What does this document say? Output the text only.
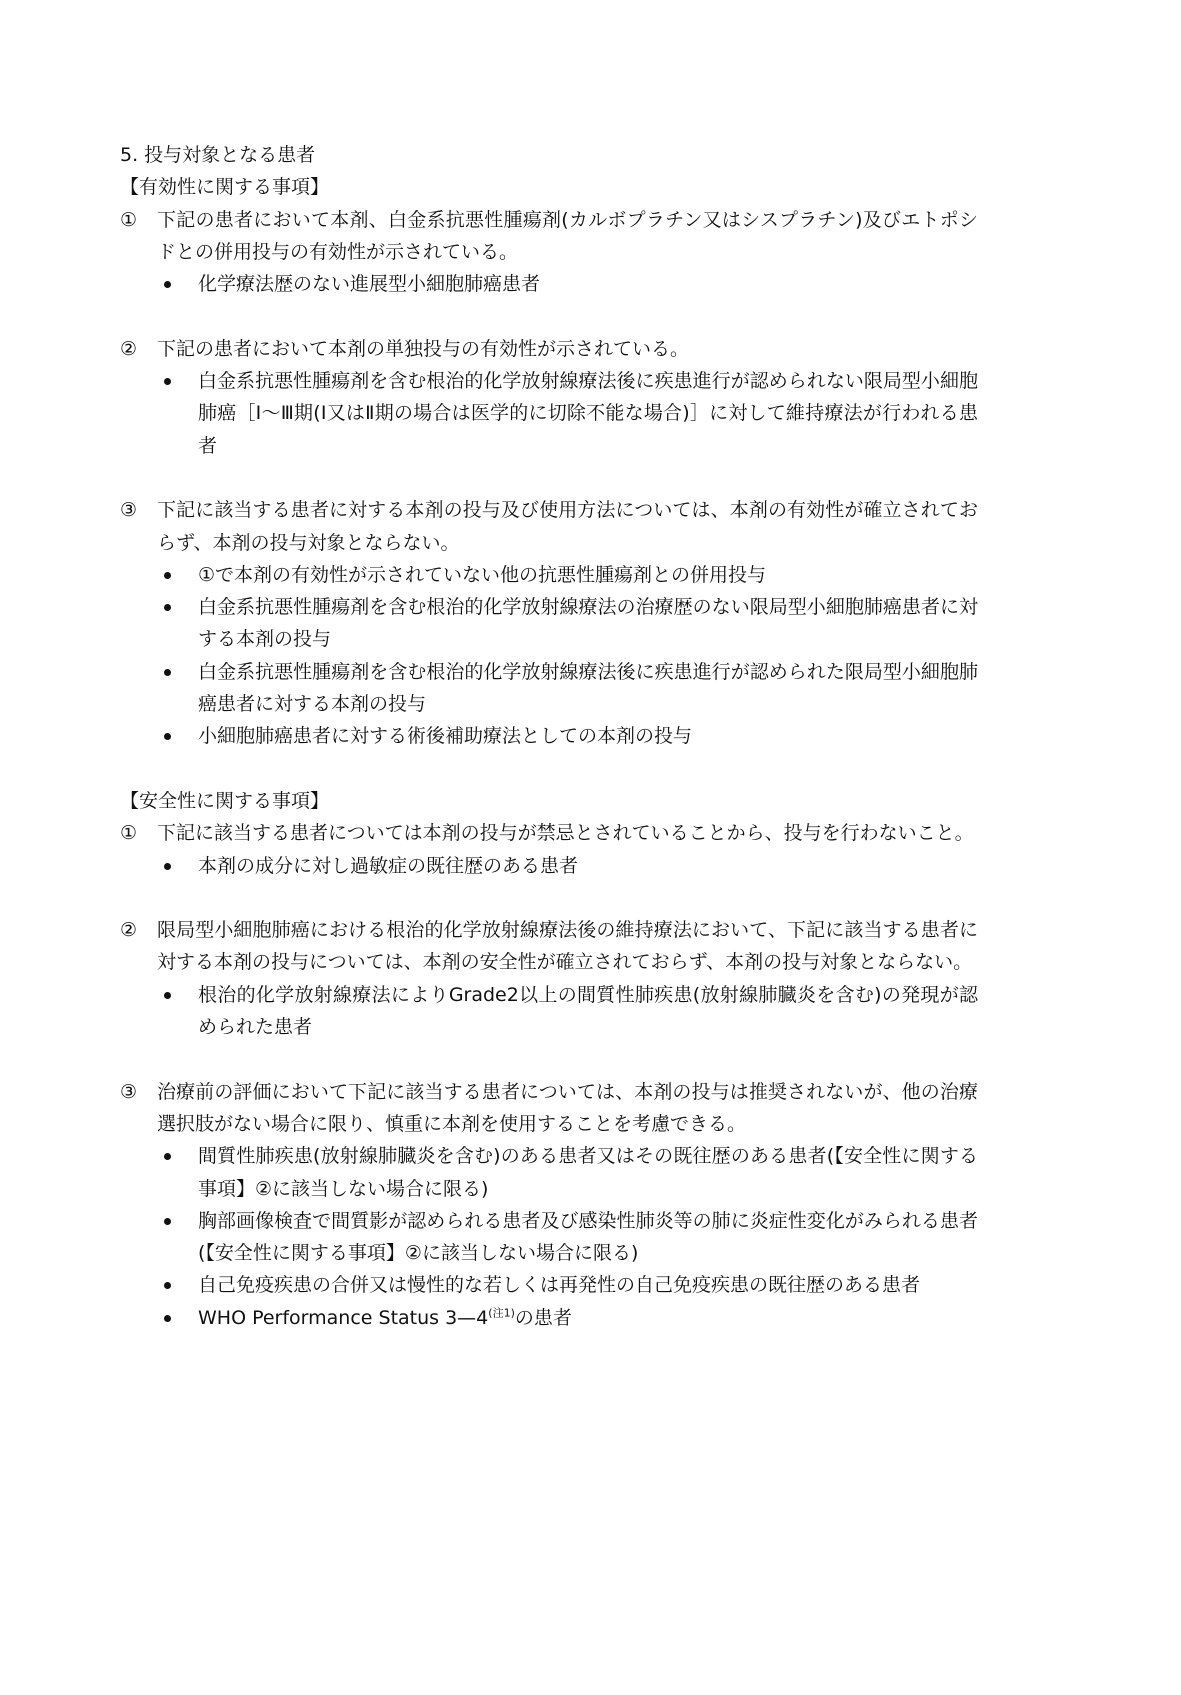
5. 投与対象となる患者
【有効性に関する事項】
① 下記の患者において本剤、白金系抗悪性腫瘍剤(カルボプラチン又はシスプラチン)及びエトポシドとの併用投与の有効性が示されている。
化学療法歴のない進展型小細胞肺癌患者
② 下記の患者において本剤の単独投与の有効性が示されている。
白金系抗悪性腫瘍剤を含む根治的化学放射線療法後に疾患進行が認められない限局型小細胞肺癌［Ⅰ～Ⅲ期(Ⅰ又はⅡ期の場合は医学的に切除不能な場合)］に対して維持療法が行われる患者
③ 下記に該当する患者に対する本剤の投与及び使用方法については、本剤の有効性が確立されておらず、本剤の投与対象とならない。
①で本剤の有効性が示されていない他の抗悪性腫瘍剤との併用投与
白金系抗悪性腫瘍剤を含む根治的化学放射線療法の治療歴のない限局型小細胞肺癌患者に対する本剤の投与
白金系抗悪性腫瘍剤を含む根治的化学放射線療法後に疾患進行が認められた限局型小細胞肺癌患者に対する本剤の投与
小細胞肺癌患者に対する術後補助療法としての本剤の投与
【安全性に関する事項】
① 下記に該当する患者については本剤の投与が禁忌とされていることから、投与を行わないこと。
本剤の成分に対し過敏症の既往歴のある患者
② 限局型小細胞肺癌における根治的化学放射線療法後の維持療法において、下記に該当する患者に対する本剤の投与については、本剤の安全性が確立されておらず、本剤の投与対象とならない。
根治的化学放射線療法によりGrade2以上の間質性肺疾患(放射線肺臓炎を含む)の発現が認められた患者
③ 治療前の評価において下記に該当する患者については、本剤の投与は推奨されないが、他の治療選択肢がない場合に限り、慎重に本剤を使用することを考慮できる。
間質性肺疾患(放射線肺臓炎を含む)のある患者又はその既往歴のある患者(【安全性に関する事項】②に該当しない場合に限る)
胸部画像検査で間質影が認められる患者及び感染性肺炎等の肺に炎症性変化がみられる患者(【安全性に関する事項】②に該当しない場合に限る)
自己免疫疾患の合併又は慢性的な若しくは再発性の自己免疫疾患の既往歴のある患者
WHO Performance Status $3—4^{(注1)}$の患者
